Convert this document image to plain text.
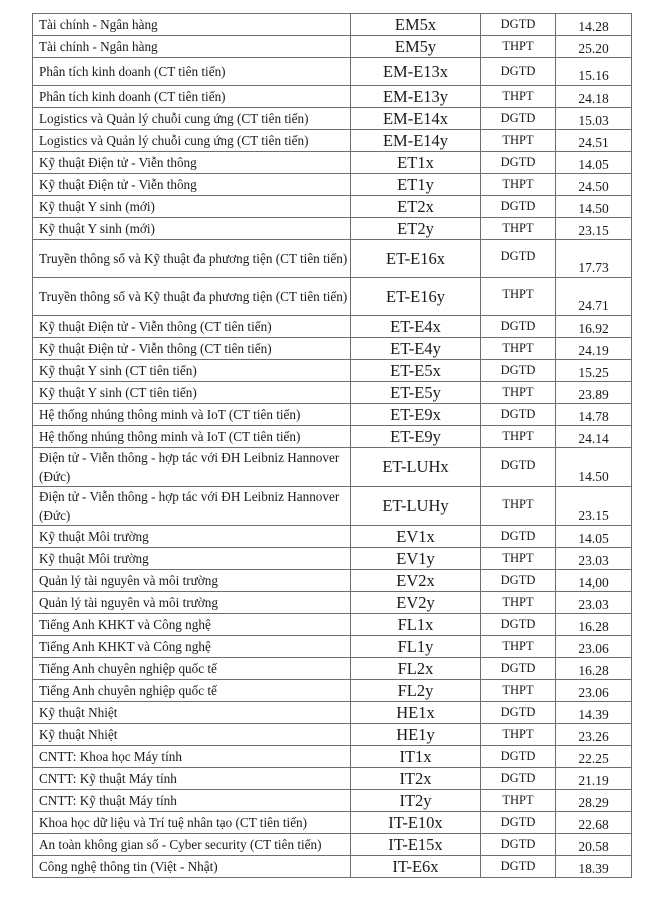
Tài chính - Ngân hàng	EM5x	DGTD	14.28
Tài chính - Ngân hàng	EM5y	THPT	25.20
Phân tích kinh doanh (CT tiên tiến)	EM-E13x	DGTD	15.16
Phân tích kinh doanh (CT tiên tiến)	EM-E13y	THPT	24.18
Logistics và Quản lý chuỗi cung ứng (CT tiên tiến)	EM-E14x	DGTD	15.03
Logistics và Quản lý chuỗi cung ứng (CT tiên tiến)	EM-E14y	THPT	24.51
Kỹ thuật Điện tử - Viễn thông	ET1x	DGTD	14.05
Kỹ thuật Điện tử - Viễn thông	ET1y	THPT	24.50
Kỹ thuật Y sinh (mới)	ET2x	DGTD	14.50
Kỹ thuật Y sinh (mới)	ET2y	THPT	23.15
Truyền thông số và Kỹ thuật đa phương tiện (CT tiên tiến)	ET-E16x	DGTD	17.73
Truyền thông số và Kỹ thuật đa phương tiện (CT tiên tiến)	ET-E16y	THPT	24.71
Kỹ thuật Điện tử - Viễn thông (CT tiên tiến)	ET-E4x	DGTD	16.92
Kỹ thuật Điện tử - Viễn thông (CT tiên tiến)	ET-E4y	THPT	24.19
Kỹ thuật Y sinh (CT tiên tiến)	ET-E5x	DGTD	15.25
Kỹ thuật Y sinh (CT tiên tiến)	ET-E5y	THPT	23.89
Hệ thống nhúng thông minh và IoT (CT tiên tiến)	ET-E9x	DGTD	14.78
Hệ thống nhúng thông minh và IoT (CT tiên tiến)	ET-E9y	THPT	24.14
Điện tử - Viễn thông - hợp tác với ĐH Leibniz Hannover (Đức)	ET-LUHx	DGTD	14.50
Điện tử - Viễn thông - hợp tác với ĐH Leibniz Hannover (Đức)	ET-LUHy	THPT	23.15
Kỹ thuật Môi trường	EV1x	DGTD	14.05
Kỹ thuật Môi trường	EV1y	THPT	23.03
Quản lý tài nguyên và môi trường	EV2x	DGTD	14,00
Quản lý tài nguyên và môi trường	EV2y	THPT	23.03
Tiếng Anh KHKT và Công nghệ	FL1x	DGTD	16.28
Tiếng Anh KHKT và Công nghệ	FL1y	THPT	23.06
Tiếng Anh chuyên nghiệp quốc tế	FL2x	DGTD	16.28
Tiếng Anh chuyên nghiệp quốc tế	FL2y	THPT	23.06
Kỹ thuật Nhiệt	HE1x	DGTD	14.39
Kỹ thuật Nhiệt	HE1y	THPT	23.26
CNTT: Khoa học Máy tính	IT1x	DGTD	22.25
CNTT: Kỹ thuật Máy tính	IT2x	DGTD	21.19
CNTT: Kỹ thuật Máy tính	IT2y	THPT	28.29
Khoa học dữ liệu và Trí tuệ nhân tạo (CT tiên tiến)	IT-E10x	DGTD	22.68
An toàn không gian số - Cyber security (CT tiên tiến)	IT-E15x	DGTD	20.58
Công nghệ thông tin (Việt - Nhật)	IT-E6x	DGTD	18.39
